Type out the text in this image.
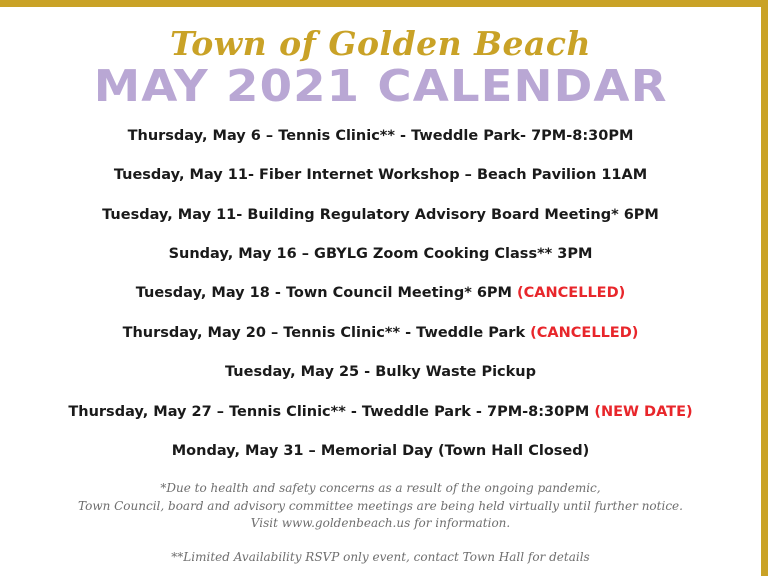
Town of Golden Beach
MAY 2021 CALENDAR
Thursday, May 6 – Tennis Clinic** - Tweddle Park- 7PM-8:30PM
Tuesday, May 11- Fiber Internet Workshop – Beach Pavilion 11AM
Tuesday, May 11- Building Regulatory Advisory Board Meeting* 6PM
Sunday, May 16 – GBYLG Zoom Cooking Class** 3PM
Tuesday, May 18 - Town Council Meeting* 6PM (CANCELLED)
Thursday, May 20 – Tennis Clinic** - Tweddle Park (CANCELLED)
Tuesday, May 25 - Bulky Waste Pickup
Thursday, May 27 – Tennis Clinic** - Tweddle Park - 7PM-8:30PM (NEW DATE)
Monday, May 31 – Memorial Day (Town Hall Closed)
*Due to health and safety concerns as a result of the ongoing pandemic,
Town Council, board and advisory committee meetings are being held virtually until further notice.
Visit www.goldenbeach.us for information.
**Limited Availability RSVP only event, contact Town Hall for details
